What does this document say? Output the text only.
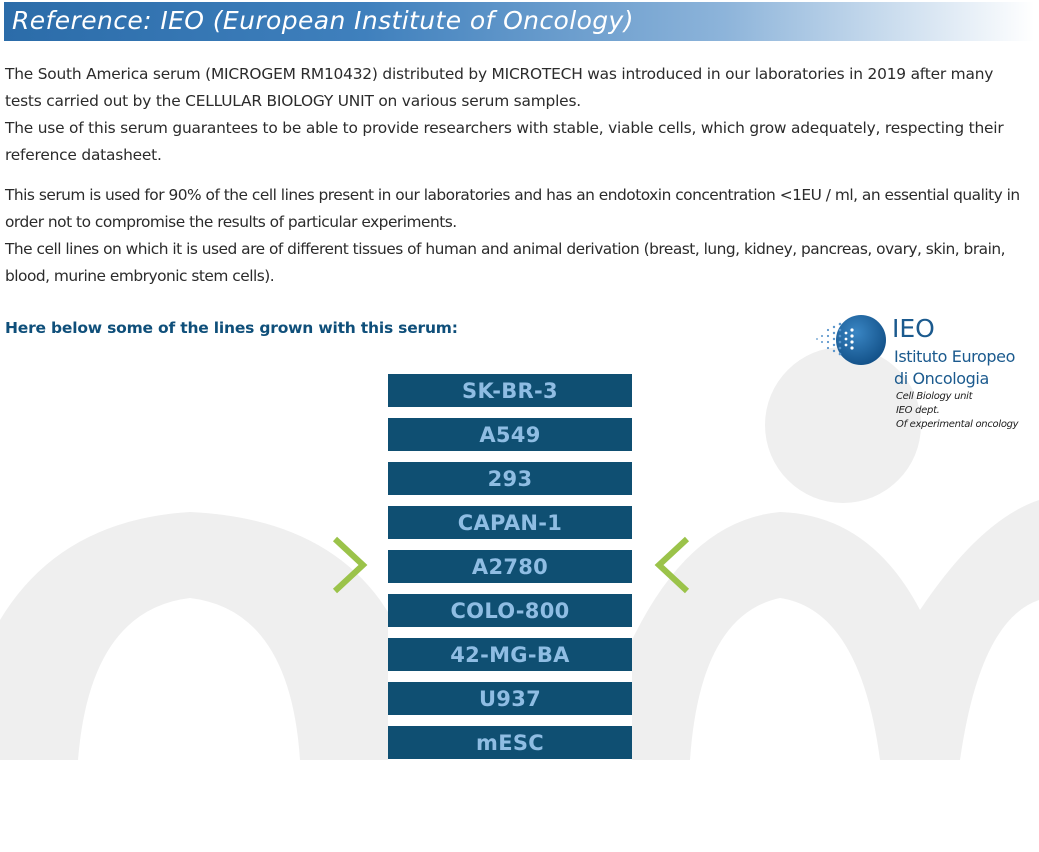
Reference: IEO (European Institute of Oncology)

The South America serum (MICROGEM RM10432) distributed by MICROTECH was introduced in our laboratories in 2019 after many tests carried out by the CELLULAR BIOLOGY UNIT on various serum samples.
The use of this serum guarantees to be able to provide researchers with stable, viable cells, which grow adequately, respecting their reference datasheet.

This serum is used for 90% of the cell lines present in our laboratories and has an endotoxin concentration <1EU / ml, an essential quality in order not to compromise the results of particular experiments.
The cell lines on which it is used are of different tissues of human and animal derivation (breast, lung, kidney, pancreas, ovary, skin, brain, blood, murine embryonic stem cells).

Here below some of the lines grown with this serum:
SK-BR-3
A549
293
CAPAN-1
A2780
COLO-800
42-MG-BA
U937
mESC
IEO
Istituto Europeo
di Oncologia
Cell Biology unit
IEO dept.
Of experimental oncology
